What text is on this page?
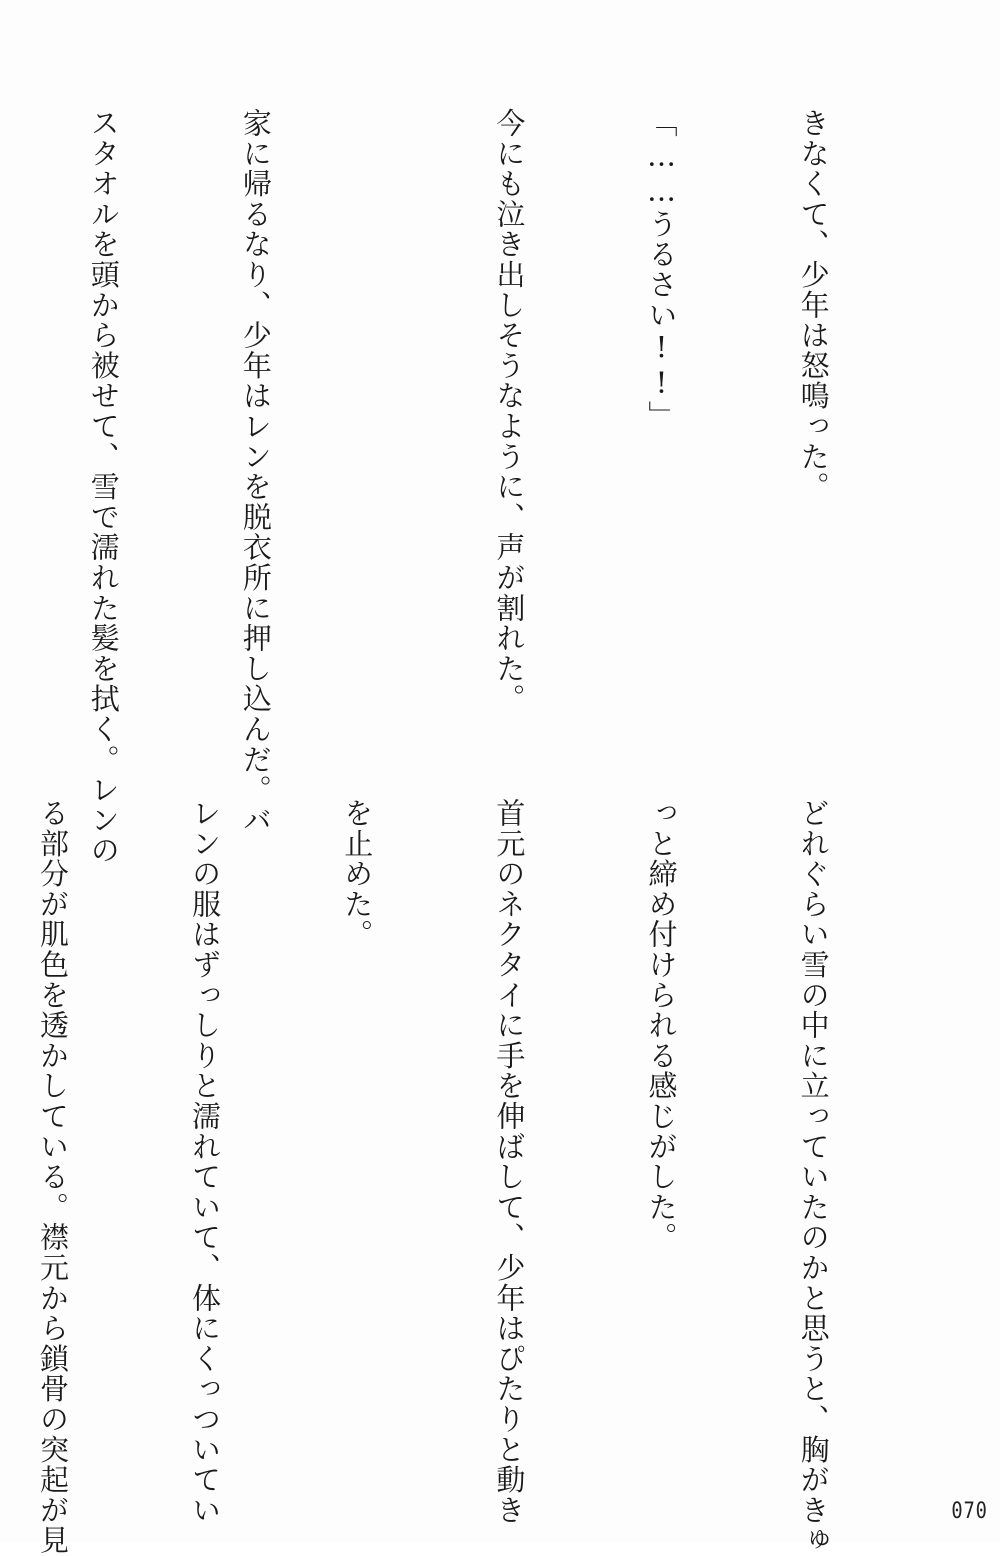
きなくて、少年は怒鳴った。

「……うるさい!!」

今にも泣き出しそうなように、声が割れた。

家に帰るなり、少年はレンを脱衣所に押し込んだ。バ

スタオルを頭から被せて、雪で濡れた髪を拭く。レンの

どれぐらい雪の中に立っていたのかと思うと、胸がきゅ

っと締め付けられる感じがした。

首元のネクタイに手を伸ばして、少年はぴたりと動き

を止めた。

レンの服はずっしりと濡れていて、体にくっついてい

る部分が肌色を透かしている。襟元から鎖骨の突起が見

	070
